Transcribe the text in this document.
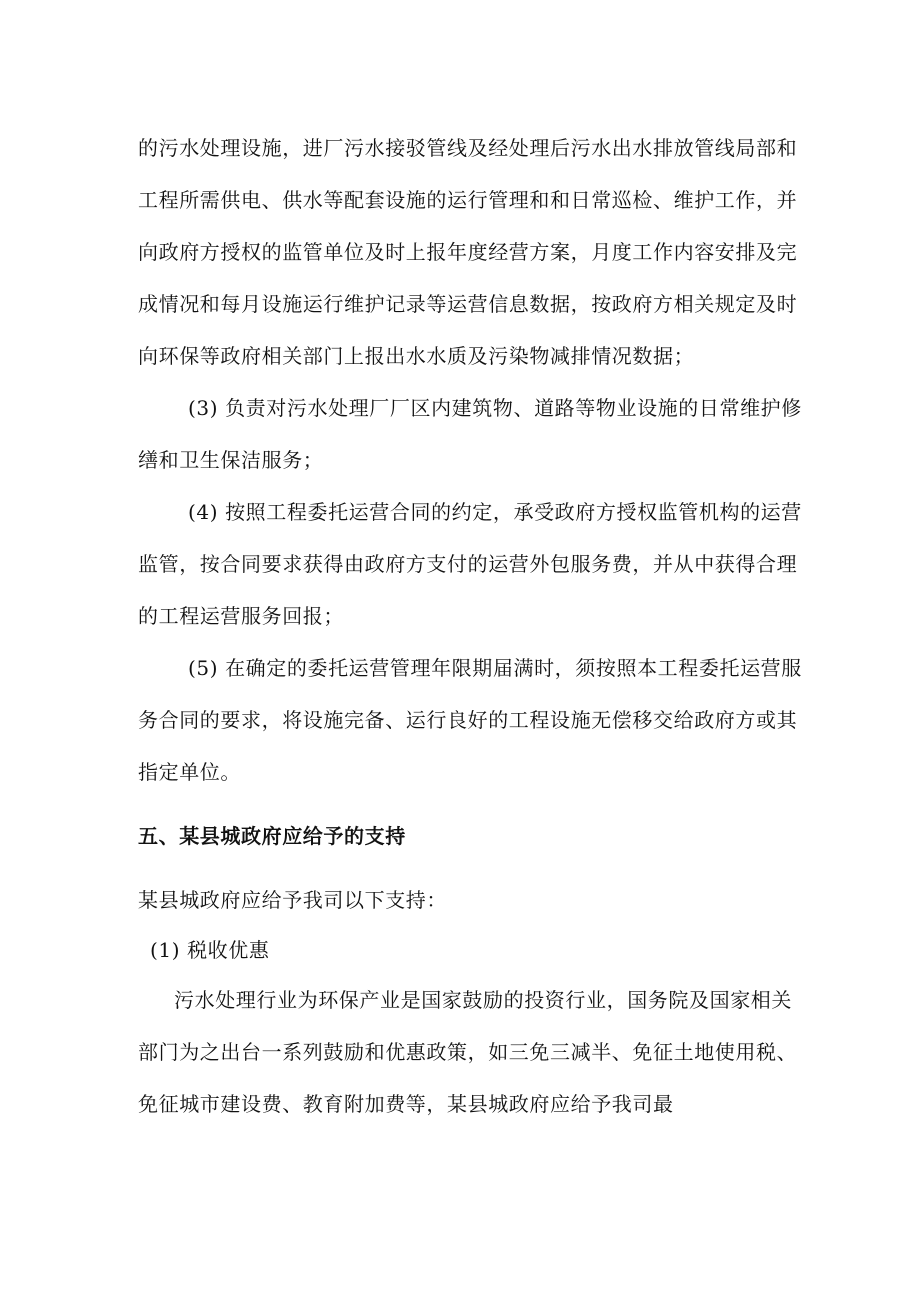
的污水处理设施，进厂污水接驳管线及经处理后污水出水排放管线局部和
工程所需供电、供水等配套设施的运行管理和和日常巡检、维护工作，并
向政府方授权的监管单位及时上报年度经营方案，月度工作内容安排及完
成情况和每月设施运行维护记录等运营信息数据，按政府方相关规定及时
向环保等政府相关部门上报出水水质及污染物减排情况数据；
(3) 负责对污水处理厂厂区内建筑物、道路等物业设施的日常维护修
缮和卫生保洁服务；
(4) 按照工程委托运营合同的约定，承受政府方授权监管机构的运营
监管，按合同要求获得由政府方支付的运营外包服务费，并从中获得合理
的工程运营服务回报；
(5) 在确定的委托运营管理年限期届满时，须按照本工程委托运营服
务合同的要求，将设施完备、运行良好的工程设施无偿移交给政府方或其
指定单位。
五、某县城政府应给予的支持
某县城政府应给予我司以下支持：
(1) 税收优惠
污水处理行业为环保产业是国家鼓励的投资行业，国务院及国家相关
部门为之出台一系列鼓励和优惠政策，如三免三减半、免征土地使用税、
免征城市建设费、教育附加费等，某县城政府应给予我司最
